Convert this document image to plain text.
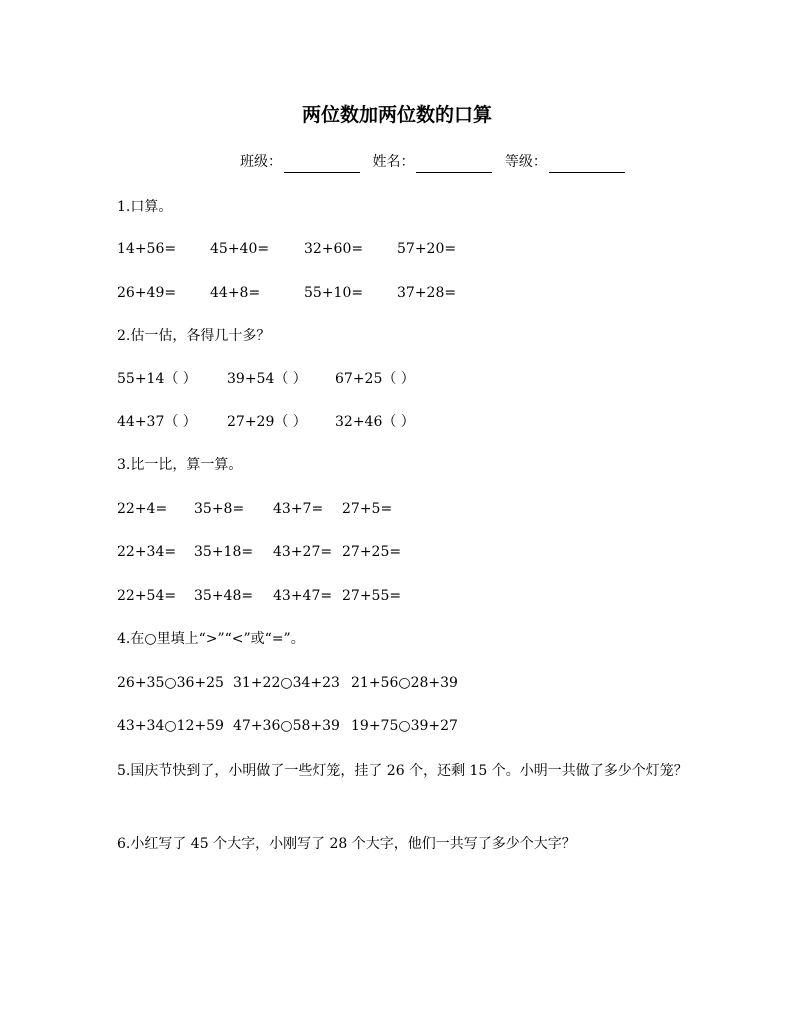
两位数加两位数的口算
班级：	姓名：	等级：
1.口算。
14+56= 45+40= 32+60= 57+20=
26+49= 44+8=	55+10= 37+28=
2.估一估，各得几十多？
55+14（ ） 39+54（ ） 67+25（ ）
44+37（ ） 27+29（ ） 32+46（ ）
3.比一比，算一算。
22+4= 35+8= 43+7= 27+5=
22+34= 35+18= 43+27= 27+25=
22+54= 35+48= 43+47= 27+55=
4.在○里填上“>”“<”或“=”。
26+35○36+25 31+22○34+23 21+56○28+39
43+34○12+59 47+36○58+39 19+75○39+27
5.国庆节快到了，小明做了一些灯笼，挂了 26 个，还剩 15 个。小明一共做了多少个灯笼？
6.小红写了 45 个大字，小刚写了 28 个大字，他们一共写了多少个大字？
